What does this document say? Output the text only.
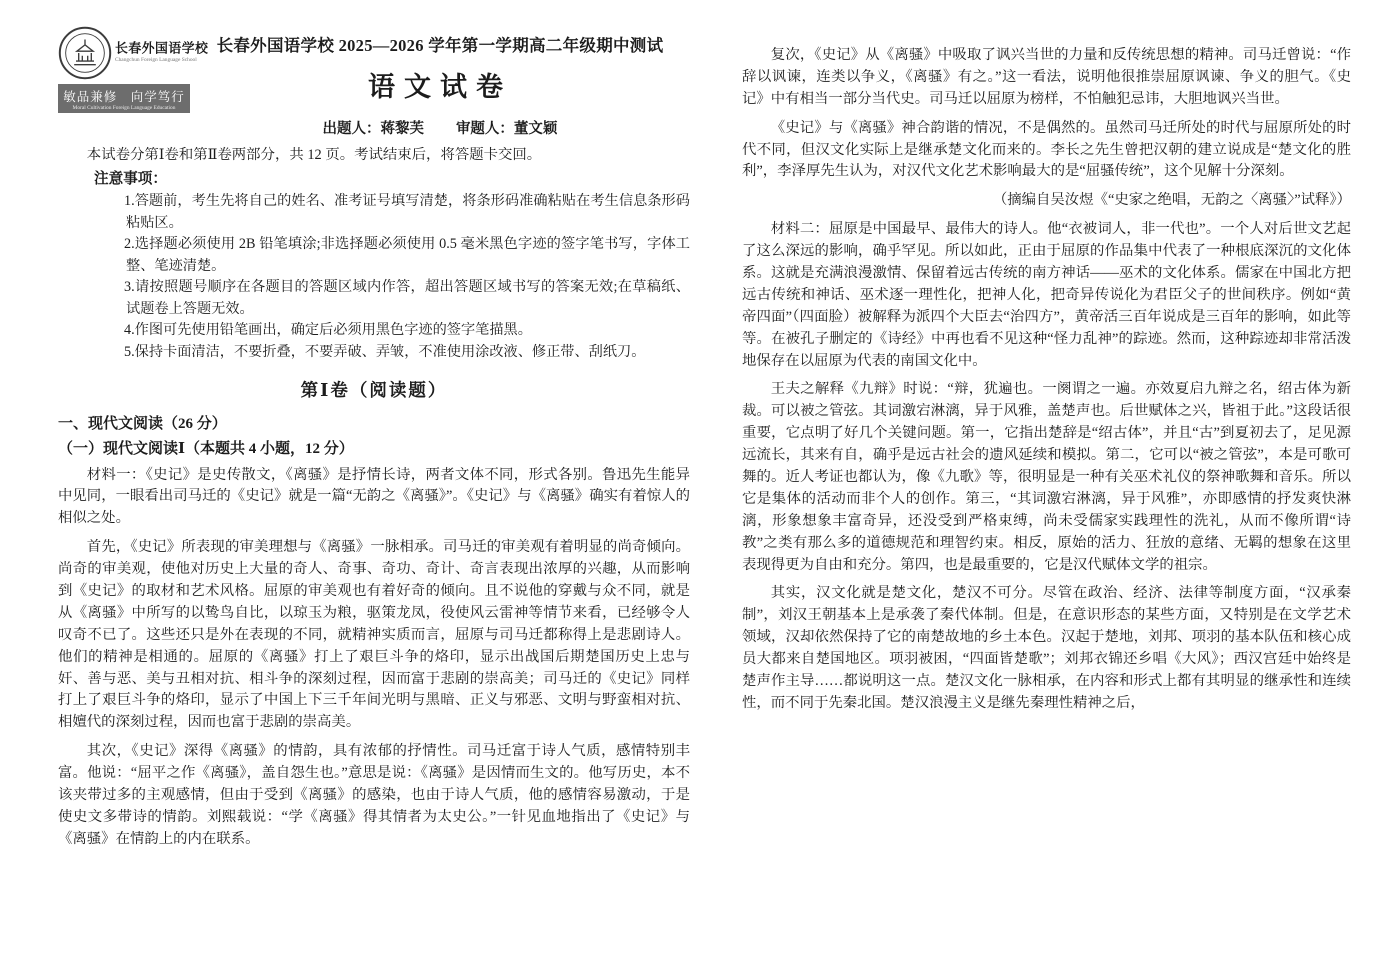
长春外国语学校
Changchun Foreign Language School
敏品兼修　向学笃行
Moral Cultivation Foreign Language Education
长春外国语学校 2025—2026 学年第一学期高二年级期中测试
语文试卷
出题人：蒋黎芙 审题人：董文颖

本试卷分第Ⅰ卷和第Ⅱ卷两部分，共 12 页。考试结束后，将答题卡交回。

注意事项：
1.答题前，考生先将自己的姓名、准考证号填写清楚，将条形码准确粘贴在考生信息条形码粘贴区。
2.选择题必须使用 2B 铅笔填涂;非选择题必须使用 0.5 毫米黑色字迹的签字笔书写，字体工整、笔迹清楚。
3.请按照题号顺序在各题目的答题区域内作答，超出答题区域书写的答案无效;在草稿纸、试题卷上答题无效。
4.作图可先使用铅笔画出，确定后必须用黑色字迹的签字笔描黑。
5.保持卡面清洁，不要折叠，不要弄破、弄皱，不准使用涂改液、修正带、刮纸刀。
第Ⅰ卷（阅读题）
一、现代文阅读（26 分）
（一）现代文阅读Ⅰ（本题共 4 小题，12 分）

材料一：《史记》是史传散文，《离骚》是抒情长诗，两者文体不同，形式各别。鲁迅先生能异中见同，一眼看出司马迁的《史记》就是一篇“无韵之《离骚》”。《史记》与《离骚》确实有着惊人的相似之处。

首先，《史记》所表现的审美理想与《离骚》一脉相承。司马迁的审美观有着明显的尚奇倾向。尚奇的审美观，使他对历史上大量的奇人、奇事、奇功、奇计、奇言表现出浓厚的兴趣，从而影响到《史记》的取材和艺术风格。屈原的审美观也有着好奇的倾向。且不说他的穿戴与众不同，就是从《离骚》中所写的以鸷鸟自比，以琼玉为粮，驱策龙凤，役使风云雷神等情节来看，已经够令人叹奇不已了。这些还只是外在表现的不同，就精神实质而言，屈原与司马迁都称得上是悲剧诗人。他们的精神是相通的。屈原的《离骚》打上了艰巨斗争的烙印，显示出战国后期楚国历史上忠与奸、善与恶、美与丑相对抗、相斗争的深刻过程，因而富于悲剧的崇高美；司马迁的《史记》同样打上了艰巨斗争的烙印，显示了中国上下三千年间光明与黑暗、正义与邪恶、文明与野蛮相对抗、相嬗代的深刻过程，因而也富于悲剧的崇高美。

其次，《史记》深得《离骚》的情韵，具有浓郁的抒情性。司马迁富于诗人气质，感情特别丰富。他说：“屈平之作《离骚》，盖自怨生也。”意思是说：《离骚》是因情而生文的。他写历史，本不该夹带过多的主观感情，但由于受到《离骚》的感染，也由于诗人气质，他的感情容易激动，于是使史文多带诗的情韵。刘熙载说：“学《离骚》得其情者为太史公。”一针见血地指出了《史记》与《离骚》在情韵上的内在联系。

复次，《史记》从《离骚》中吸取了讽兴当世的力量和反传统思想的精神。司马迁曾说：“作辞以讽谏，连类以争义，《离骚》有之。”这一看法，说明他很推崇屈原讽谏、争义的胆气。《史记》中有相当一部分当代史。司马迁以屈原为榜样，不怕触犯忌讳，大胆地讽兴当世。

《史记》与《离骚》神合韵谐的情况，不是偶然的。虽然司马迁所处的时代与屈原所处的时代不同，但汉文化实际上是继承楚文化而来的。李长之先生曾把汉朝的建立说成是“楚文化的胜利”，李泽厚先生认为，对汉代文化艺术影响最大的是“屈骚传统”，这个见解十分深刻。

（摘编自吴汝煜《“史家之绝唱，无韵之〈离骚〉”试释》）

材料二：屈原是中国最早、最伟大的诗人。他“衣被词人，非一代也”。一个人对后世文艺起了这么深远的影响，确乎罕见。所以如此，正由于屈原的作品集中代表了一种根底深沉的文化体系。这就是充满浪漫激情、保留着远古传统的南方神话——巫术的文化体系。儒家在中国北方把远古传统和神话、巫术逐一理性化，把神人化，把奇异传说化为君臣父子的世间秩序。例如“黄帝四面”（四面脸）被解释为派四个大臣去“治四方”，黄帝活三百年说成是三百年的影响，如此等等。在被孔子删定的《诗经》中再也看不见这种“怪力乱神”的踪迹。然而，这种踪迹却非常活泼地保存在以屈原为代表的南国文化中。

王夫之解释《九辩》时说：“辩，犹遍也。一阕谓之一遍。亦效夏启九辩之名，绍古体为新裁。可以被之管弦。其词激宕淋漓，异于风雅，盖楚声也。后世赋体之兴，皆祖于此。”这段话很重要，它点明了好几个关键问题。第一，它指出楚辞是“绍古体”，并且“古”到夏初去了，足见源远流长，其来有自，确乎是远古社会的遗风延续和模拟。第二，它可以“被之管弦”，本是可歌可舞的。近人考证也都认为，像《九歌》等，很明显是一种有关巫术礼仪的祭神歌舞和音乐。所以它是集体的活动而非个人的创作。第三，“其词激宕淋漓，异于风雅”，亦即感情的抒发爽快淋漓，形象想象丰富奇异，还没受到严格束缚，尚未受儒家实践理性的洗礼，从而不像所谓“诗教”之类有那么多的道德规范和理智约束。相反，原始的活力、狂放的意绪、无羁的想象在这里表现得更为自由和充分。第四，也是最重要的，它是汉代赋体文学的祖宗。

其实，汉文化就是楚文化，楚汉不可分。尽管在政治、经济、法律等制度方面，“汉承秦制”，刘汉王朝基本上是承袭了秦代体制。但是，在意识形态的某些方面，又特别是在文学艺术领域，汉却依然保持了它的南楚故地的乡土本色。汉起于楚地，刘邦、项羽的基本队伍和核心成员大都来自楚国地区。项羽被困，“四面皆楚歌”；刘邦衣锦还乡唱《大风》；西汉宫廷中始终是楚声作主导……都说明这一点。楚汉文化一脉相承，在内容和形式上都有其明显的继承性和连续性，而不同于先秦北国。楚汉浪漫主义是继先秦理性精神之后，
